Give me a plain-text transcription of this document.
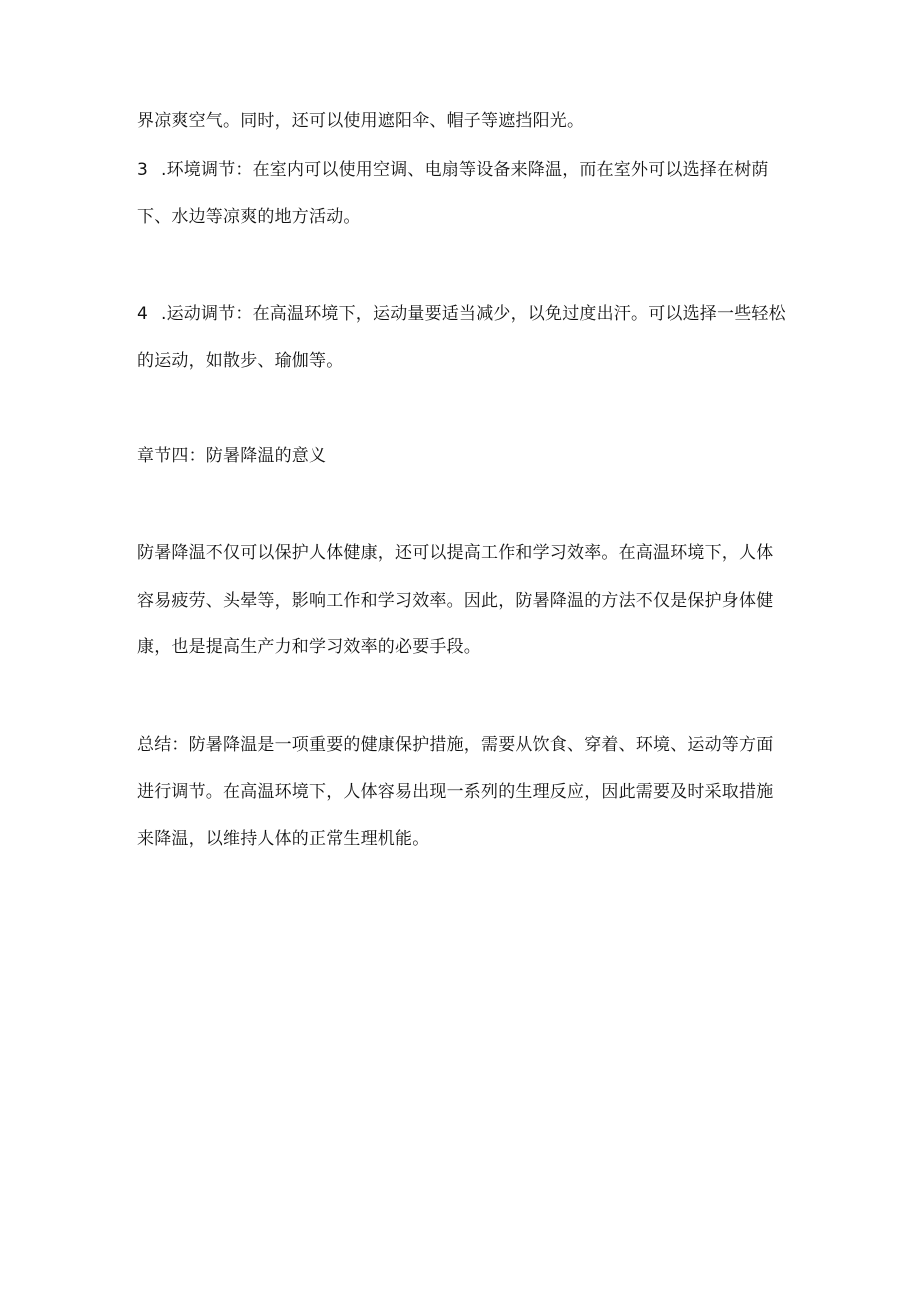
界凉爽空气。同时，还可以使用遮阳伞、帽子等遮挡阳光。
3 .环境调节：在室内可以使用空调、电扇等设备来降温，而在室外可以选择在树荫
下、水边等凉爽的地方活动。
4 .运动调节：在高温环境下，运动量要适当减少，以免过度出汗。可以选择一些轻松
的运动，如散步、瑜伽等。
章节四：防暑降温的意义
防暑降温不仅可以保护人体健康，还可以提高工作和学习效率。在高温环境下，人体
容易疲劳、头晕等，影响工作和学习效率。因此，防暑降温的方法不仅是保护身体健
康，也是提高生产力和学习效率的必要手段。
总结：防暑降温是一项重要的健康保护措施，需要从饮食、穿着、环境、运动等方面
进行调节。在高温环境下，人体容易出现一系列的生理反应，因此需要及时采取措施
来降温，以维持人体的正常生理机能。
